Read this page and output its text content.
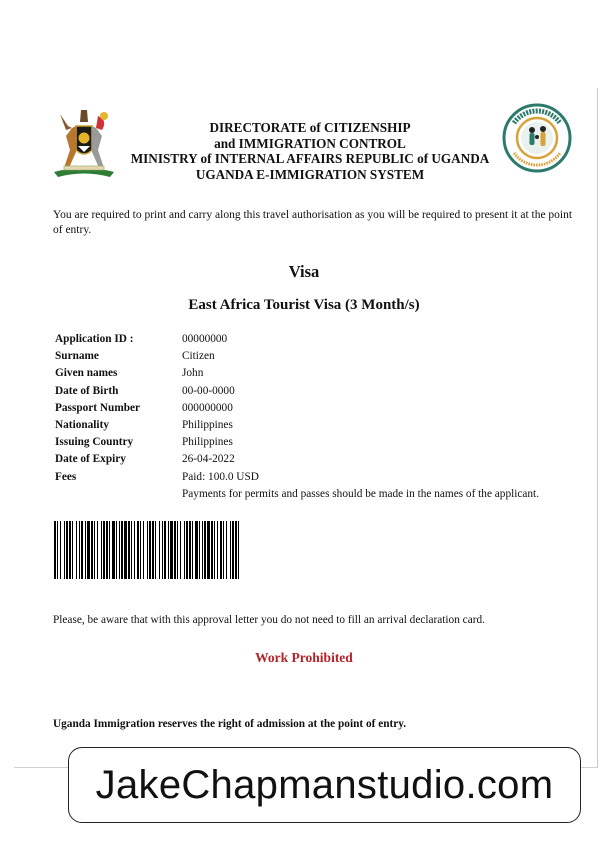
DIRECTORATE of CITIZENSHIP
and IMMIGRATION CONTROL
MINISTRY of INTERNAL AFFAIRS REPUBLIC of UGANDA
UGANDA E-IMMIGRATION SYSTEM
You are required to print and carry along this travel authorisation as you will be required to present it at the point of entry.
Visa
East Africa Tourist Visa (3 Month/s)
Application ID :	00000000
Surname	Citizen
Given names	John
Date of Birth	00-00-0000
Passport Number	000000000
Nationality	Philippines
Issuing Country	Philippines
Date of Expiry	26-04-2022
Fees	Paid: 100.0 USD
Payments for permits and passes should be made in the names of the applicant.
Please, be aware that with this approval letter you do not need to fill an arrival declaration card.
Work Prohibited
Uganda Immigration reserves the right of admission at the point of entry.
JakeChapmanstudio.com
